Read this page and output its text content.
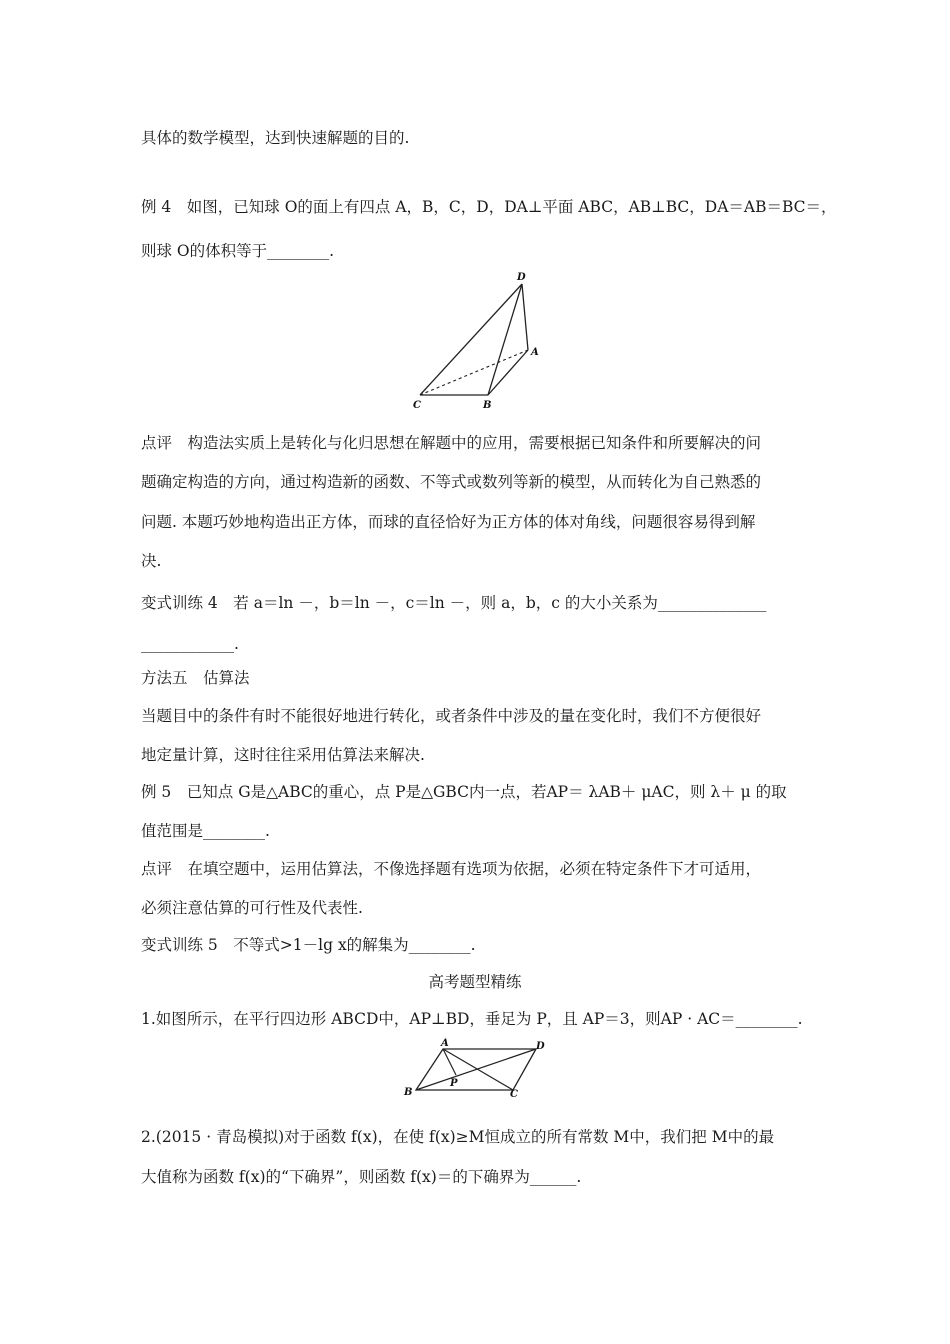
具体的数学模型，达到快速解题的目的.
例 4　如图，已知球 O的面上有四点 A，B，C，D，DA⊥平面 ABC，AB⊥BC，DA＝AB＝BC＝，
则球 O的体积等于________.
D
A
B
C
点评　构造法实质上是转化与化归思想在解题中的应用，需要根据已知条件和所要解决的问
题确定构造的方向，通过构造新的函数、不等式或数列等新的模型，从而转化为自己熟悉的
问题. 本题巧妙地构造出正方体，而球的直径恰好为正方体的体对角线，问题很容易得到解
决.
变式训练 4　若 a＝ln －，b＝ln －，c＝ln －，则 a，b，c 的大小关系为______________
____________.
方法五　估算法
当题目中的条件有时不能很好地进行转化，或者条件中涉及的量在变化时，我们不方便很好
地定量计算，这时往往采用估算法来解决.
例 5　已知点 G是△ABC的重心，点 P是△GBC内一点，若AP＝ λAB＋ μAC，则 λ＋ μ 的取
值范围是________.
点评　在填空题中，运用估算法，不像选择题有选项为依据，必须在特定条件下才可适用，
必须注意估算的可行性及代表性.
变式训练 5　不等式>1－lg x的解集为________.
高考题型精练
1.如图所示，在平行四边形 ABCD中，AP⊥BD，垂足为 P，且 AP＝3，则AP · AC＝________.
A	D
B
P
C
2.(2015 · 青岛模拟)对于函数 f(x)，在使 f(x)≥M恒成立的所有常数 M中，我们把 M中的最
大值称为函数 f(x)的“下确界”，则函数 f(x)＝的下确界为______.
